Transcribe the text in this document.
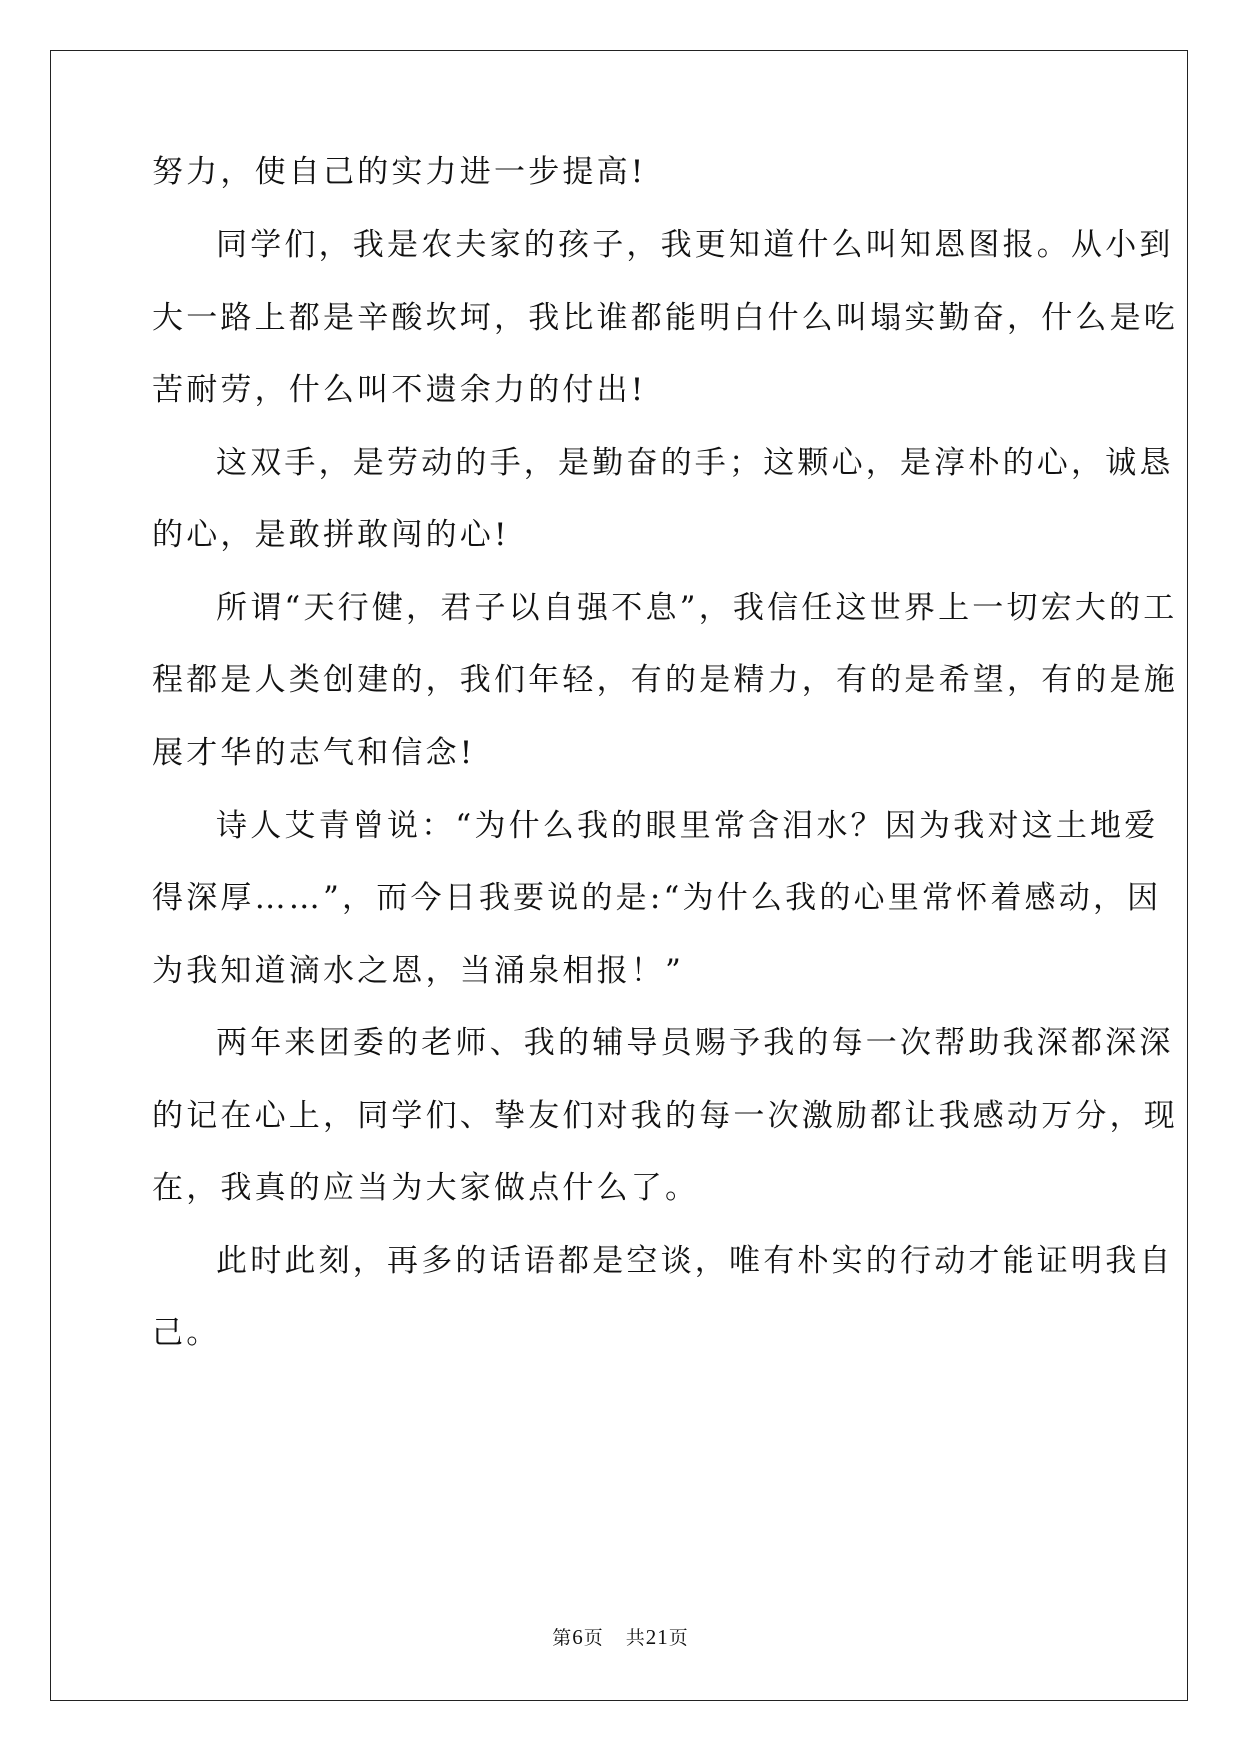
努力，使自己的实力进一步提高!
同学们，我是农夫家的孩子，我更知道什么叫知恩图报。从小到
大一路上都是辛酸坎坷，我比谁都能明白什么叫塌实勤奋，什么是吃
苦耐劳，什么叫不遗余力的付出!
这双手，是劳动的手，是勤奋的手；这颗心，是淳朴的心，诚恳
的心，是敢拼敢闯的心!
所谓“天行健，君子以自强不息”，我信任这世界上一切宏大的工
程都是人类创建的，我们年轻，有的是精力，有的是希望，有的是施
展才华的志气和信念!
诗人艾青曾说：“为什么我的眼里常含泪水？因为我对这土地爱
得深厚……”，而今日我要说的是:“为什么我的心里常怀着感动，因
为我知道滴水之恩，当涌泉相报！”
两年来团委的老师、我的辅导员赐予我的每一次帮助我深都深深
的记在心上，同学们、挚友们对我的每一次激励都让我感动万分，现
在，我真的应当为大家做点什么了。
此时此刻，再多的话语都是空谈，唯有朴实的行动才能证明我自
己。
第6页 共21页
